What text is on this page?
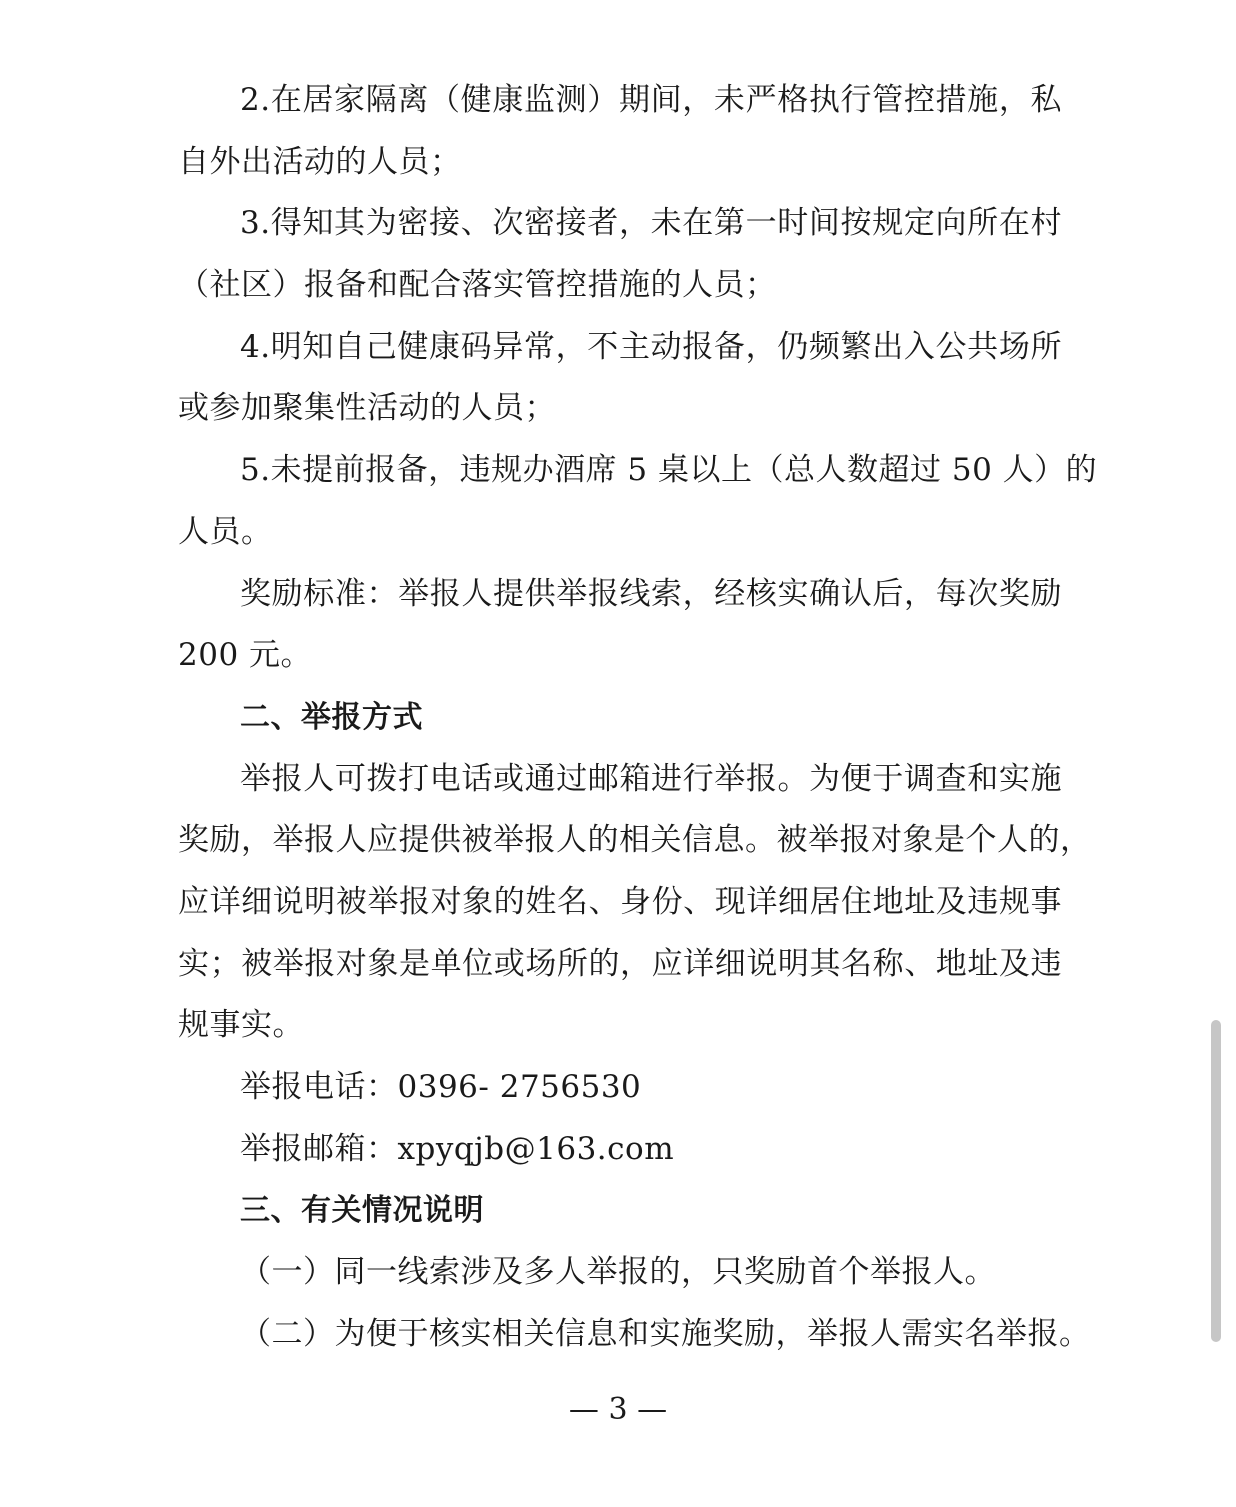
2.在居家隔离（健康监测）期间，未严格执行管控措施，私
自外出活动的人员；
3.得知其为密接、次密接者，未在第一时间按规定向所在村
（社区）报备和配合落实管控措施的人员；
4.明知自己健康码异常，不主动报备，仍频繁出入公共场所
或参加聚集性活动的人员；
5.未提前报备，违规办酒席 5 桌以上（总人数超过 50 人）的
人员。
奖励标准：举报人提供举报线索，经核实确认后，每次奖励
200 元。
二、举报方式
举报人可拨打电话或通过邮箱进行举报。为便于调查和实施
奖励，举报人应提供被举报人的相关信息。被举报对象是个人的，
应详细说明被举报对象的姓名、身份、现详细居住地址及违规事
实；被举报对象是单位或场所的，应详细说明其名称、地址及违
规事实。
举报电话：0396- 2756530
举报邮箱：xpyqjb@163.com
三、有关情况说明
（一）同一线索涉及多人举报的，只奖励首个举报人。
（二）为便于核实相关信息和实施奖励，举报人需实名举报。
— 3 —
